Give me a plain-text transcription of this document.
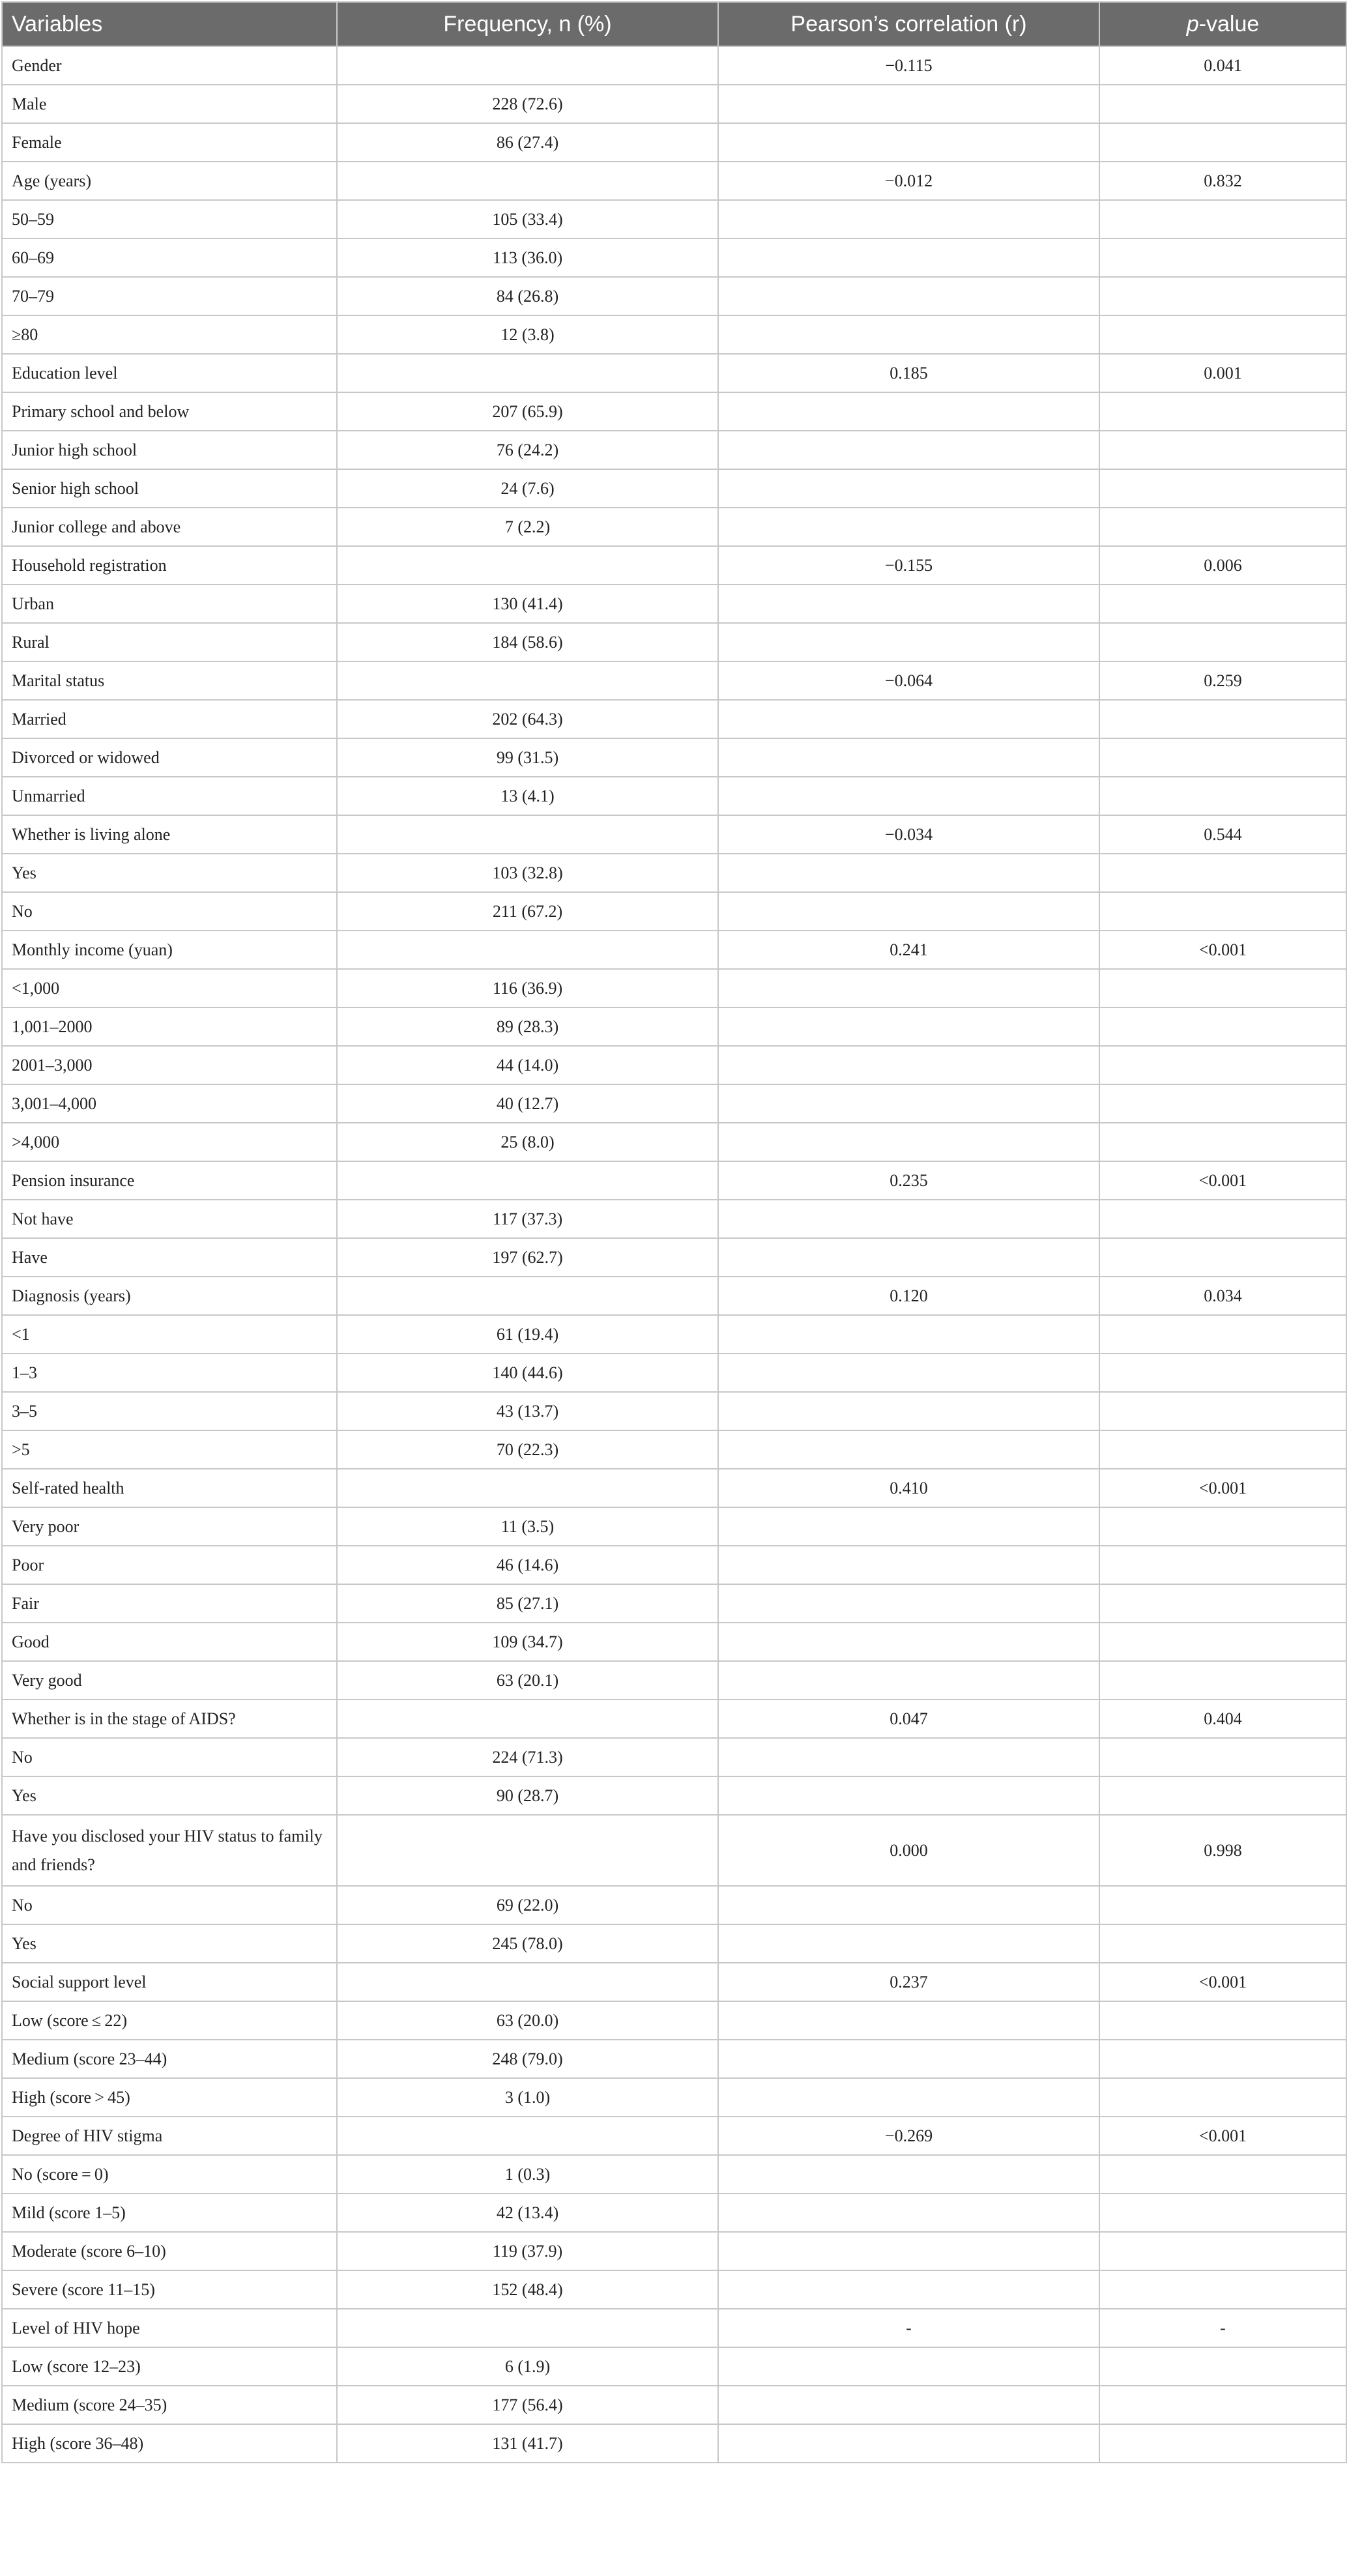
Variables	Frequency, n (%)	Pearson’s correlation (r)	p-value
Gender		−0.115	0.041
Male	228 (72.6)		
Female	86 (27.4)		
Age (years)		−0.012	0.832
50–59	105 (33.4)		
60–69	113 (36.0)		
70–79	84 (26.8)		
≥80	12 (3.8)		
Education level		0.185	0.001
Primary school and below	207 (65.9)		
Junior high school	76 (24.2)		
Senior high school	24 (7.6)		
Junior college and above	7 (2.2)		
Household registration		−0.155	0.006
Urban	130 (41.4)		
Rural	184 (58.6)		
Marital status		−0.064	0.259
Married	202 (64.3)		
Divorced or widowed	99 (31.5)		
Unmarried	13 (4.1)		
Whether is living alone		−0.034	0.544
Yes	103 (32.8)		
No	211 (67.2)		
Monthly income (yuan)		0.241	<0.001
<1,000	116 (36.9)		
1,001–2000	89 (28.3)		
2001–3,000	44 (14.0)		
3,001–4,000	40 (12.7)		
>4,000	25 (8.0)		
Pension insurance		0.235	<0.001
Not have	117 (37.3)		
Have	197 (62.7)		
Diagnosis (years)		0.120	0.034
<1	61 (19.4)		
1–3	140 (44.6)		
3–5	43 (13.7)		
>5	70 (22.3)		
Self-rated health		0.410	<0.001
Very poor	11 (3.5)		
Poor	46 (14.6)		
Fair	85 (27.1)		
Good	109 (34.7)		
Very good	63 (20.1)		
Whether is in the stage of AIDS?		0.047	0.404
No	224 (71.3)		
Yes	90 (28.7)		
Have you disclosed your HIV status to family and friends?		0.000	0.998
No	69 (22.0)		
Yes	245 (78.0)		
Social support level		0.237	<0.001
Low (score ≤ 22)	63 (20.0)		
Medium (score 23–44)	248 (79.0)		
High (score > 45)	3 (1.0)		
Degree of HIV stigma		−0.269	<0.001
No (score = 0)	1 (0.3)		
Mild (score 1–5)	42 (13.4)		
Moderate (score 6–10)	119 (37.9)		
Severe (score 11–15)	152 (48.4)		
Level of HIV hope		-	-
Low (score 12–23)	6 (1.9)		
Medium (score 24–35)	177 (56.4)		
High (score 36–48)	131 (41.7)		
